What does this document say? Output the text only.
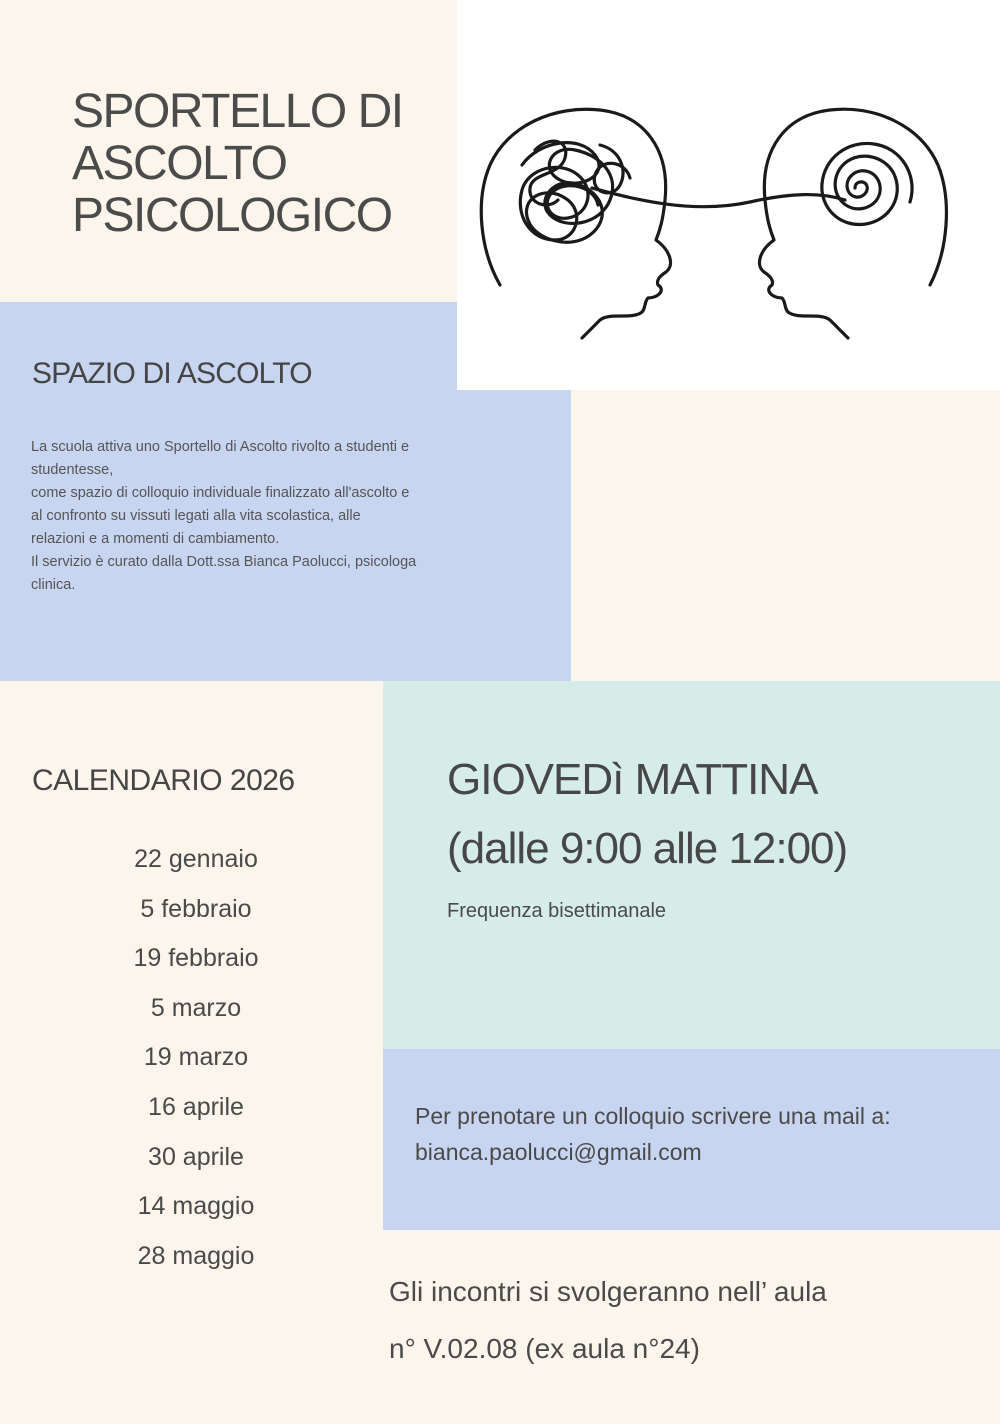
SPORTELLO DI
ASCOLTO
PSICOLOGICO
SPAZIO DI ASCOLTO

La scuola attiva uno Sportello di Ascolto rivolto a studenti e
studentesse,
come spazio di colloquio individuale finalizzato all'ascolto e
al confronto su vissuti legati alla vita scolastica, alle
relazioni e a momenti di cambiamento.
Il servizio è curato dalla Dott.ssa Bianca Paolucci, psicologa
clinica.

CALENDARIO 2026
22 gennaio
5 febbraio
19 febbraio
5 marzo
19 marzo
16 aprile
30 aprile
14 maggio
28 maggio
GIOVEDì MATTINA
(dalle 9:00 alle 12:00)

Frequenza bisettimanale

Per prenotare un colloquio scrivere una mail a:
bianca.paolucci@gmail.com

Gli incontri si svolgeranno nell’ aula
n° V.02.08 (ex aula n°24)
